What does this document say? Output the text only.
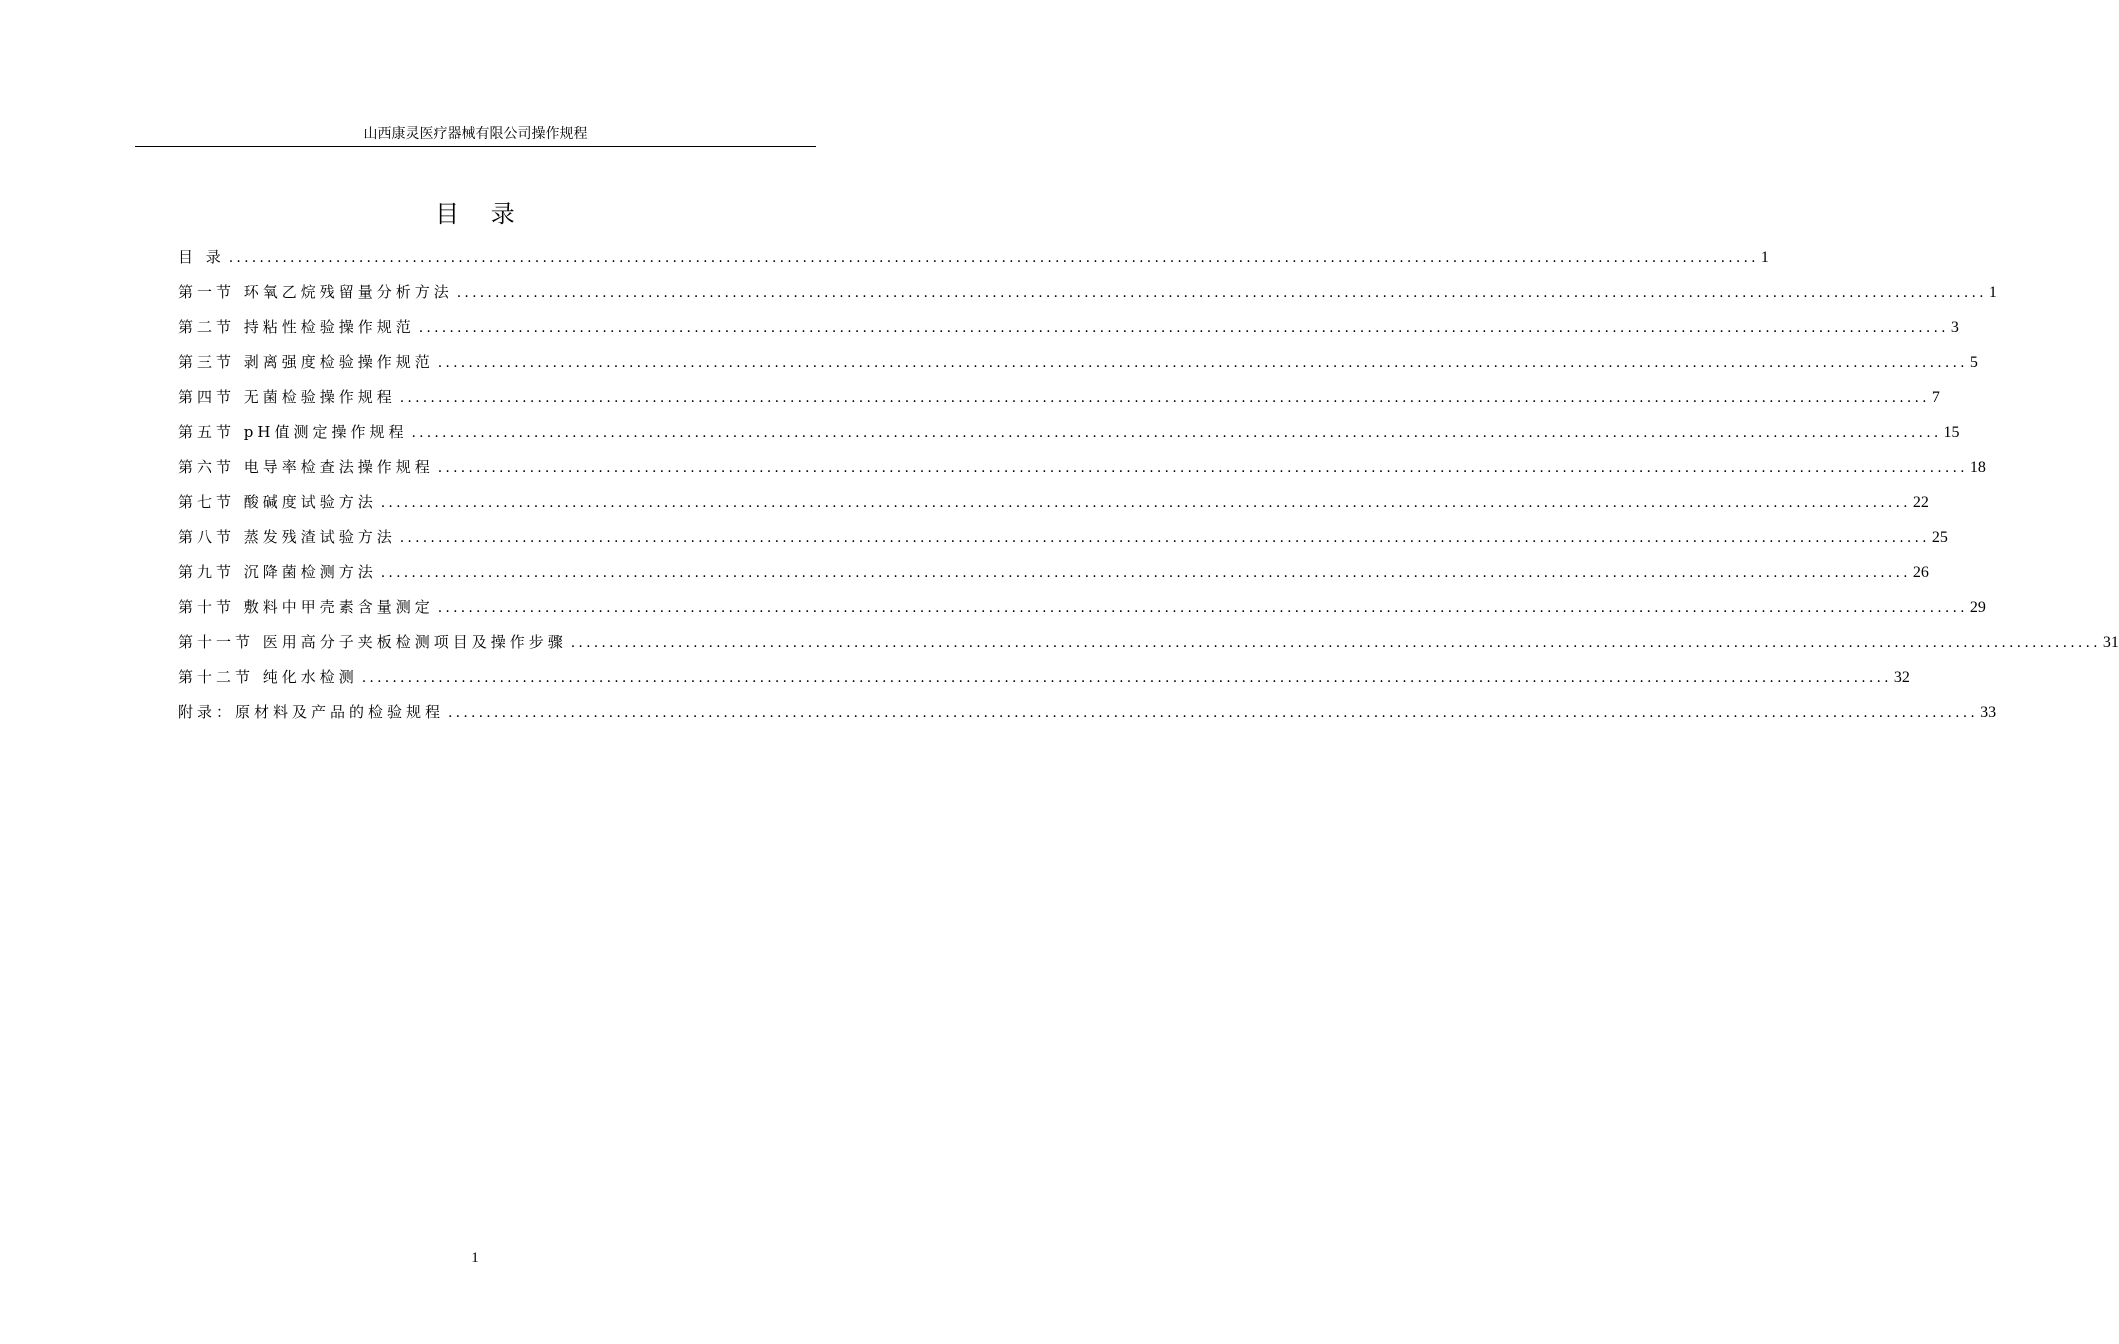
山西康灵医疗器械有限公司操作规程
目 录
目 录 ........................................................................................................................................................................................................ 1
第一节 环氧乙烷残留量分析方法 ........................................................................................................................................................................................................ 1
第二节 持粘性检验操作规范 ........................................................................................................................................................................................................ 3
第三节 剥离强度检验操作规范 ........................................................................................................................................................................................................ 5
第四节 无菌检验操作规程 ........................................................................................................................................................................................................ 7
第五节 pH值测定操作规程 ........................................................................................................................................................................................................ 15
第六节 电导率检查法操作规程 ........................................................................................................................................................................................................ 18
第七节 酸碱度试验方法 ........................................................................................................................................................................................................ 22
第八节 蒸发残渣试验方法 ........................................................................................................................................................................................................ 25
第九节 沉降菌检测方法 ........................................................................................................................................................................................................ 26
第十节 敷料中甲壳素含量测定 ........................................................................................................................................................................................................ 29
第十一节 医用高分子夹板检测项目及操作步骤 ........................................................................................................................................................................................................ 31
第十二节 纯化水检测 ........................................................................................................................................................................................................ 32
附录：原材料及产品的检验规程 ........................................................................................................................................................................................................ 33
1
